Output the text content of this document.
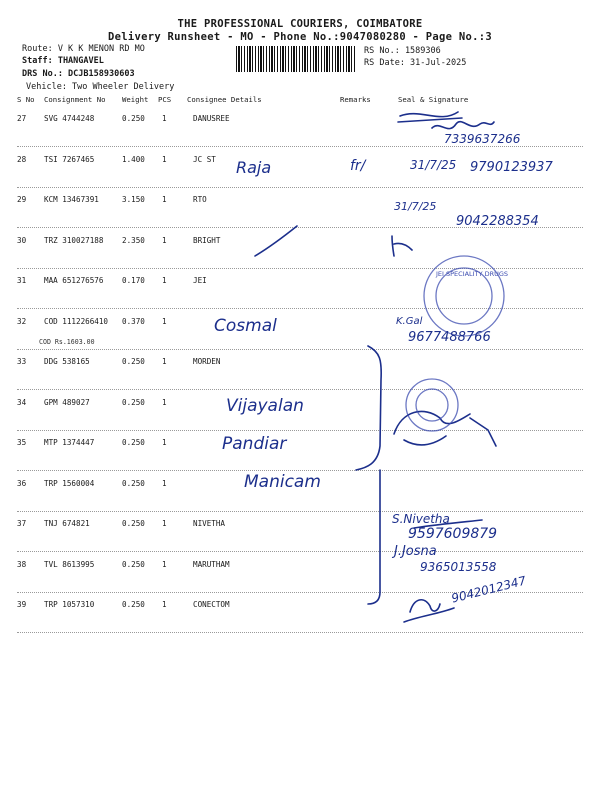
THE PROFESSIONAL COURIERS, COIMBATORE
Delivery Runsheet - MO - Phone No.:9047080280 - Page No.:3
Route: V K K MENON RD MO
Staff: THANGAVEL
DRS No.: DCJB158930603
Vehicle: Two Wheeler Delivery
RS No.: 1589306
RS Date: 31-Jul-2025
S No Consignment No Weight PCS Consignee Details	Remarks	Seal & Signature
27 SVG 4744248	0.250 1	DANUSREE
28 TSI 7267465	1.400 1	JC ST
29 KCM 13467391	3.150 1	RTO
30 TRZ 310027188 2.350 1	BRIGHT
31 MAA 651276576 0.170 1	JEI
32 COD 1112266410 0.370 1
COD Rs.1603.00
33 DDG 538165	0.250 1	MORDEN
34 GPM 489027	0.250 1
35 MTP 1374447	0.250 1
36 TRP 1560004	0.250 1
37 TNJ 674821	0.250 1	NIVETHA
38 TVL 8613995	0.250 1	MARUTHAM
39 TRP 1057310	0.250 1	CONECTOM
7339637266
Raja	fr/	31/7/25 9790123937
31/7/25
9042288354
JEI SPECIALITY DRUGS
Cosmal	K.Gal
9677488766
Vijayalan
Pandiar
Manicam
S.Nivetha
9597609879
J.Josna
9365013558
9042012347
